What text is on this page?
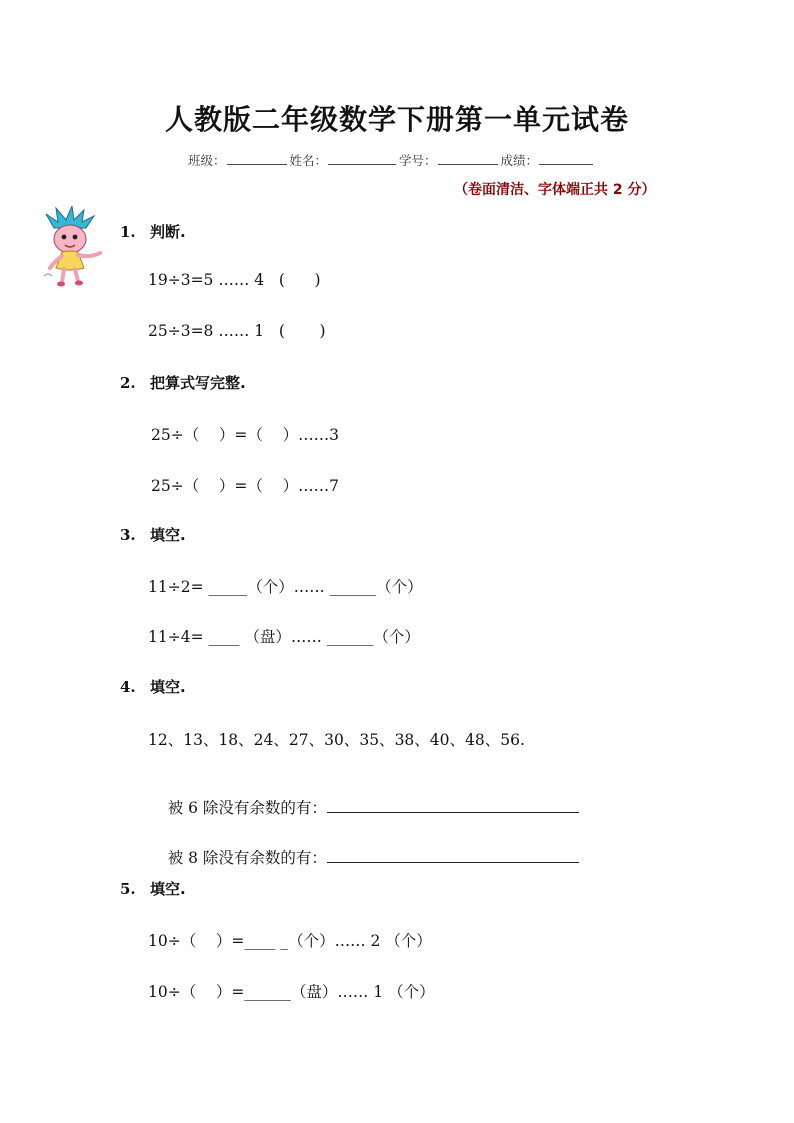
人教版二年级数学下册第一单元试卷
班级：	姓名：	学号：	成绩：
（卷面清洁、字体端正共 2 分）
1. 判断.
19÷3=5 …… 4   (      )
25÷3=8 …… 1   (       )
2. 把算式写完整.
25÷（    ）=（    ）……3
25÷（    ）=（    ）……7
3. 填空.
11÷2= _____（个）…… ______（个）
11÷4= ____ （盘）…… ______（个）
4. 填空.
12、13、18、24、27、30、35、38、40、48、56.

被 6 除没有余数的有：

被 8 除没有余数的有：

5. 填空.
10÷（    ）=____ _（个）…… 2 （个）
10÷（    ）=______（盘）…… 1 （个）
